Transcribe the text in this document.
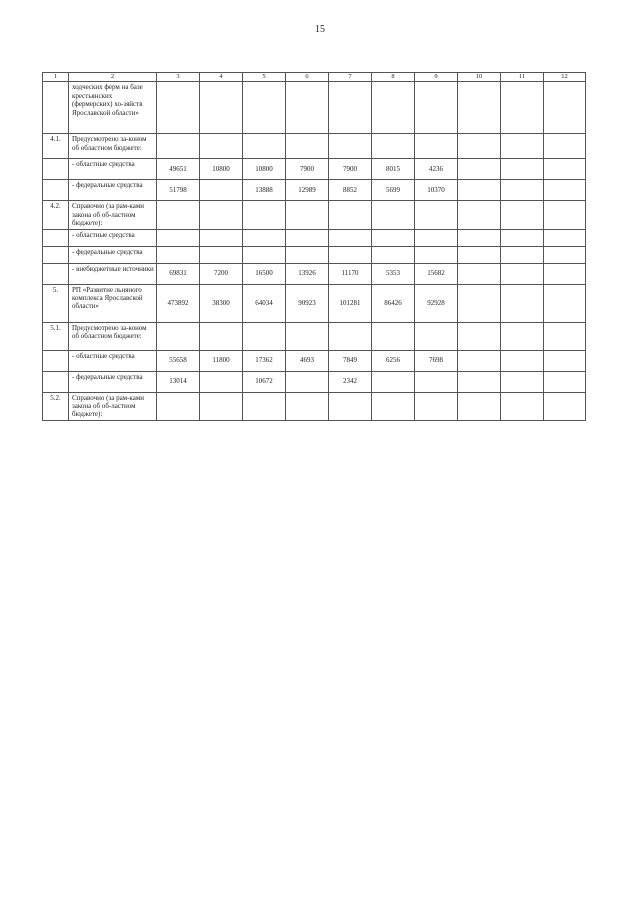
15
1	2	3	4	5	6	7	8	9	10	11	12
	ходческих ферм на базе крестьянских (фермерских) хо-зяйств Ярославской области»										
4.1.	Предусмотрено за-коном об областном бюджете:										
	- областные средства	49651	10800	10800	7900	7900	8015	4236			
	- федеральные средства	51798		13888	12989	8852	5699	10370			
4.2.	Справочно (за рам-ками закона об об-ластном бюджете):										
	- областные средства										
	- федеральные средства										
	- внебюджетные источники	69831	7200	16500	13926	11170	5353	15682			
5.	РП «Развитие льняного комплекса Ярославской области»	473892	38300	64034	90923	101281	86426	92928			
5.1.	Предусмотрено за-коном об областном бюджете:										
	- областные средства	55658	11800	17362	4693	7849	6256	7698			
	- федеральные средства	13014		10672		2342					
5.2.	Справочно (за рам-ками закона об об-ластном бюджете):										
